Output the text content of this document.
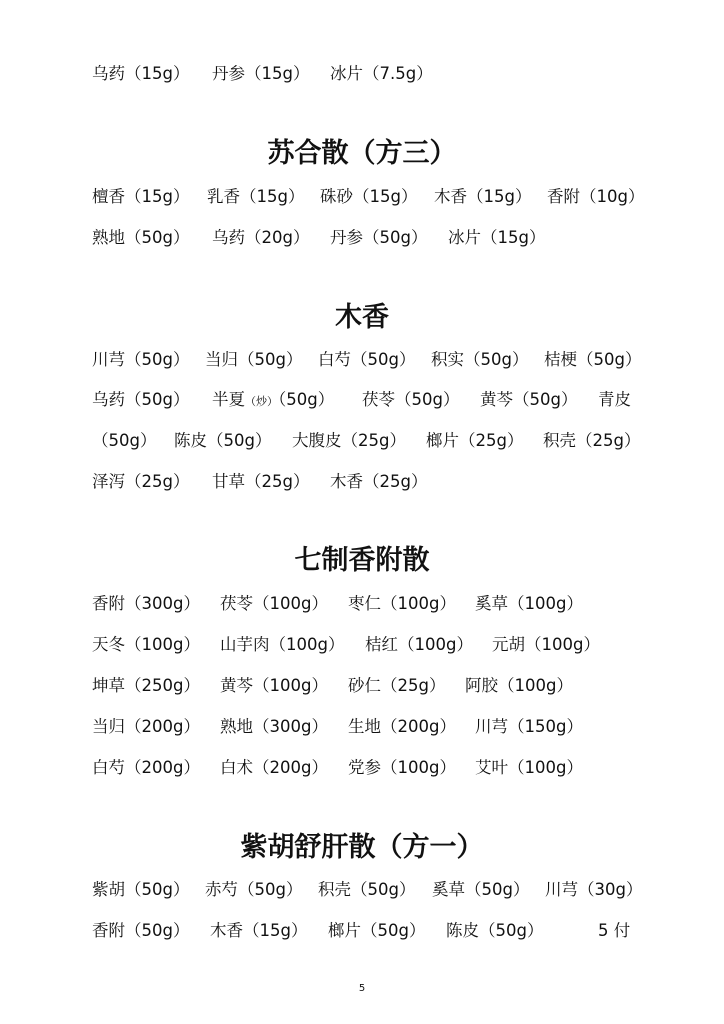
乌药（15g） 丹参（15g） 冰片（7.5g）
苏合散（方三）
檀香（15g） 乳香（15g） 硃砂（15g） 木香（15g） 香附（10g）
熟地（50g） 乌药（20g） 丹参（50g） 冰片（15g）
木香
川芎（50g） 当归（50g） 白芍（50g） 积实（50g） 桔梗（50g）
乌药（50g） 半夏（炒）（50g） 茯苓（50g） 黄芩（50g） 青皮
（50g） 陈皮（50g） 大腹皮（25g） 榔片（25g） 积壳（25g）
泽泻（25g） 甘草（25g） 木香（25g）
七制香附散
香附（300g） 茯苓（100g） 枣仁（100g） 奚草（100g）
天冬（100g） 山芋肉（100g） 桔红（100g） 元胡（100g）
坤草（250g） 黄芩（100g） 砂仁（25g） 阿胶（100g）
当归（200g） 熟地（300g） 生地（200g） 川芎（150g）
白芍（200g） 白术（200g） 党参（100g） 艾叶（100g）
紫胡舒肝散（方一）
紫胡（50g） 赤芍（50g） 积壳（50g） 奚草（50g） 川芎（30g）
香附（50g） 木香（15g） 榔片（50g） 陈皮（50g）	5 付
5
